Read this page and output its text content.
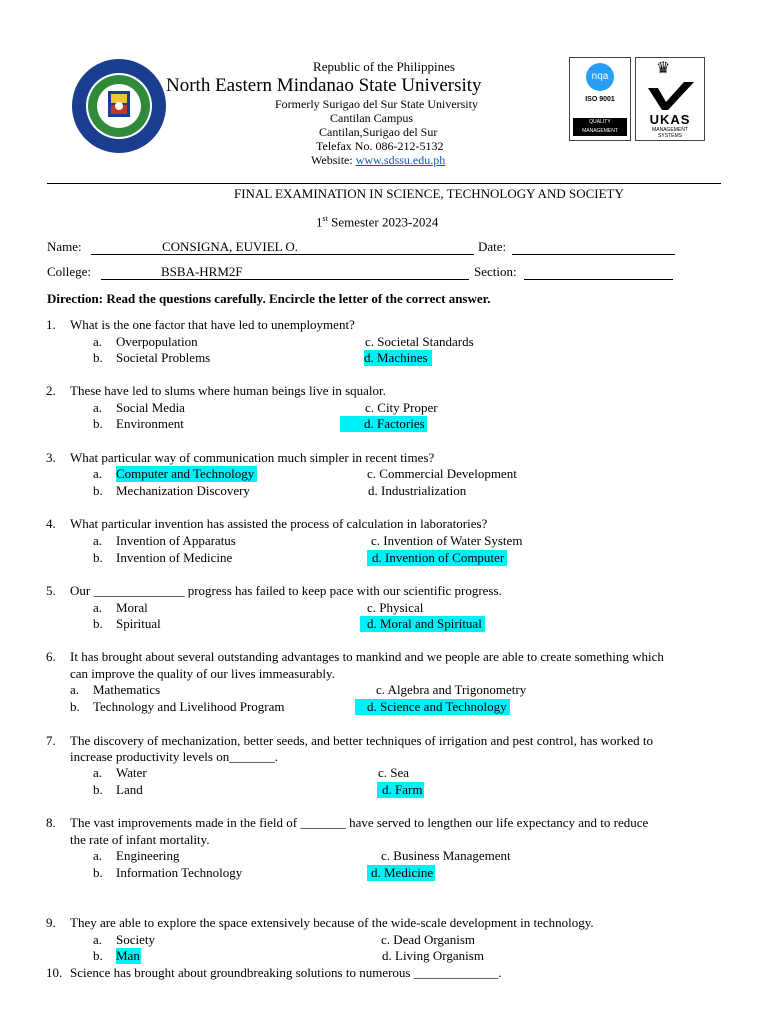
Republic of the Philippines
North Eastern Mindanao State University
Formerly Surigao del Sur State University
Cantilan Campus
Cantilan,Surigao del Sur
Telefax No. 086-212-5132
Website: www.sdssu.edu.ph
nqa
ISO 9001
QUALITY MANAGEMENT
♛
UKAS
MANAGEMENT SYSTEMS
FINAL EXAMINATION IN SCIENCE, TECHNOLOGY AND SOCIETY
1st Semester 2023-2024
Name:	CONSIGNA, EUVIEL O.	Date:
College:	BSBA-HRM2F	Section:
Direction: Read the questions carefully. Encircle the letter of the correct answer.
1. What is the one factor that have led to unemployment?
a. Overpopulation	c. Societal Standards
b. Societal Problems	d. Machines
2. These have led to slums where human beings live in squalor.
a. Social Media	c. City Proper
b. Environment	d. Factories
3. What particular way of communication much simpler in recent times?
a. Computer and Technology	c. Commercial Development
b. Mechanization Discovery	d. Industrialization
4. What particular invention has assisted the process of calculation in laboratories?
a. Invention of Apparatus	c. Invention of Water System
b. Invention of Medicine	d. Invention of Computer
5. Our ______________ progress has failed to keep pace with our scientific progress.
a. Moral	c. Physical
b. Spiritual	d. Moral and Spiritual
6. It has brought about several outstanding advantages to mankind and we people are able to create something which
can improve the quality of our lives immeasurably.
a. Mathematics	c. Algebra and Trigonometry
b. Technology and Livelihood Program	d. Science and Technology
7. The discovery of mechanization, better seeds, and better techniques of irrigation and pest control, has worked to
increase productivity levels on_______.
a. Water	c. Sea
b. Land	d. Farm
8. The vast improvements made in the field of _______ have served to lengthen our life expectancy and to reduce
the rate of infant mortality.
a. Engineering	c. Business Management
b. Information Technology	d. Medicine
9. They are able to explore the space extensively because of the wide-scale development in technology.
a. Society	c. Dead Organism
b. Man	d. Living Organism
10. Science has brought about groundbreaking solutions to numerous _____________.
